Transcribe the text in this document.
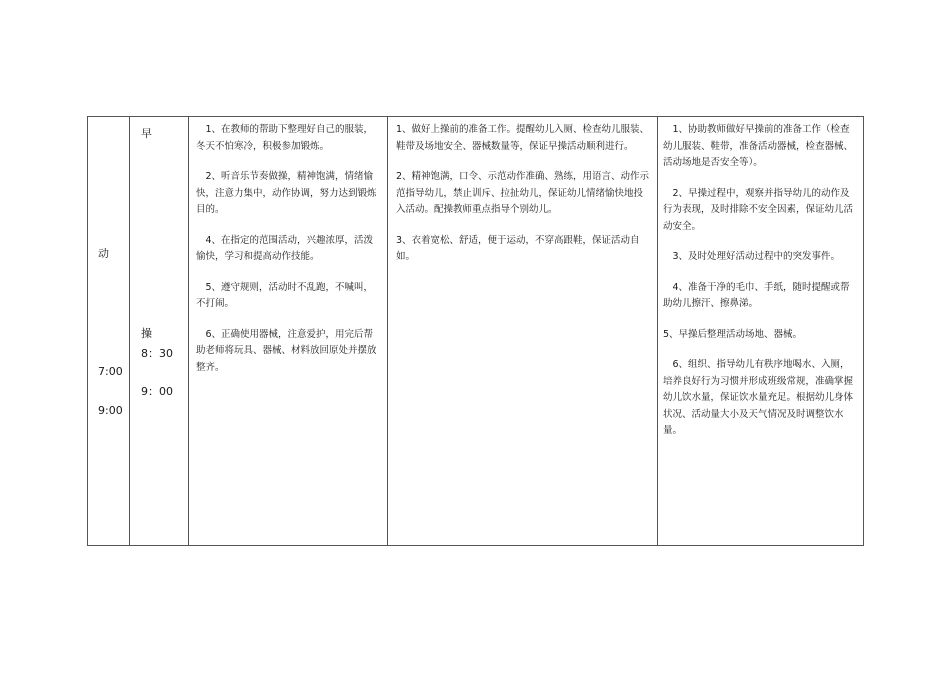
动
7:00
9:00
早
操
8：30
9：00

1、在教师的帮助下整理好自己的服装，冬天不怕寒冷，积极参加锻炼。

2、听音乐节奏做操，精神饱满，情绪愉快，注意力集中，动作协调，努力达到锻炼目的。

4、在指定的范围活动，兴趣浓厚，活泼愉快，学习和提高动作技能。

5、遵守规则，活动时不乱跑，不喊叫，不打闹。

6、正确使用器械，注意爱护，用完后帮助老师将玩具、器械、材料放回原处并摆放整齐。

1、做好上操前的准备工作。提醒幼儿入厕、检查幼儿服装、鞋带及场地安全、器械数量等，保证早操活动顺利进行。

2、精神饱满，口令、示范动作准确、熟练，用语言、动作示范指导幼儿，禁止训斥、拉扯幼儿，保证幼儿情绪愉快地投入活动。配操教师重点指导个别幼儿。

3、衣着宽松、舒适，便于运动，不穿高跟鞋，保证活动自如。

1、协助教师做好早操前的准备工作（检查幼儿服装、鞋带，准备活动器械，检查器械、活动场地是否安全等）。

2、早操过程中，观察并指导幼儿的动作及行为表现，及时排除不安全因素，保证幼儿活动安全。

3、及时处理好活动过程中的突发事件。

4、准备干净的毛巾、手纸，随时提醒或帮助幼儿擦汗、擦鼻涕。

5、早操后整理活动场地、器械。

6、组织、指导幼儿有秩序地喝水、入厕，培养良好行为习惯并形成班级常规，准确掌握幼儿饮水量，保证饮水量充足。根据幼儿身体状况、活动量大小及天气情况及时调整饮水量。
